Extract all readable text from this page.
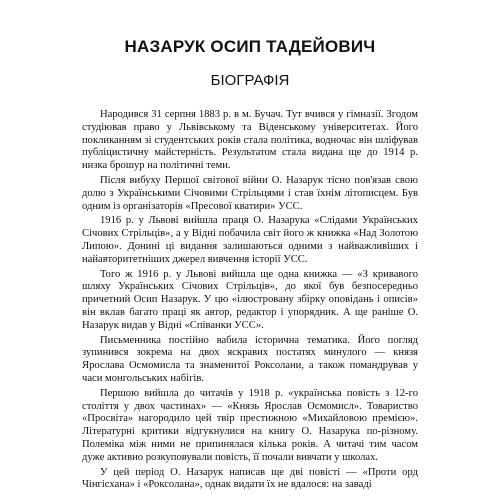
НАЗАРУК ОСИП ТАДЕЙОВИЧ
БІОГРАФІЯ

Народився 31 серпня 1883 р. в м. Бучач. Тут вчився у гімназії. Згодом студіював право у Львівському та Віденському університетах. Його покликанням зі студентських років стала політика, водночас він шліфував публіцистичну майстерність. Результатом стала видана ще до 1914 р. низка брошур на політичні теми.

Після вибуху Першої світової війни О. Назарук тісно пов'язав свою долю з Українськими Січовими Стрільцями і став їхнім літописцем. Був одним із організаторів «Пресової кватири» УСС.

1916 р. у Львові вийшла праця О. Назарука «Слідами Українських Січових Стрільців», а у Відні побачила світ його ж книжка «Над Золотою Липою». Донині ці видання залишаються одними з найважливіших і найавторитетніших джерел вивчення історії УСС.

Того ж 1916 р. у Львові вийшла ще одна книжка — «З кривавого шляху Українських Січових Стрільців», до якої був безпосередньо причетний Осип Назарук. У цю «ілюстровану збірку оповідань і описів» він вклав багато праці як автор, редактор і упорядник. А ще раніше О. Назарук видав у Відні «Співанки УСС».

Письменника постійно вабила історична тематика. Його погляд зупинився зокрема на двох яскравих постатях минулого — князя Ярослава Осмомисла та знаменитої Роксолани, а також помандрував у часи монгольських набігів.

Першою вийшла до читачів у 1918 р. «українська повість з 12-го століття у двох частинах» — «Князь Ярослав Осмомисл». Товариство «Просвіта» нагородило цей твір престижною «Михайловою премією». Літературні критики відгукнулися на книгу О. Назарука по-різному. Полеміка між ними не припинялася кілька років. А читачі тим часом дуже активно розкуповували повість, її почали вивчати у школах.

У цей період О. Назарук написав ще дві повісті — «Проти орд Чінгісхана» і «Роксолана», однак видати їх не вдалося: на заваді
